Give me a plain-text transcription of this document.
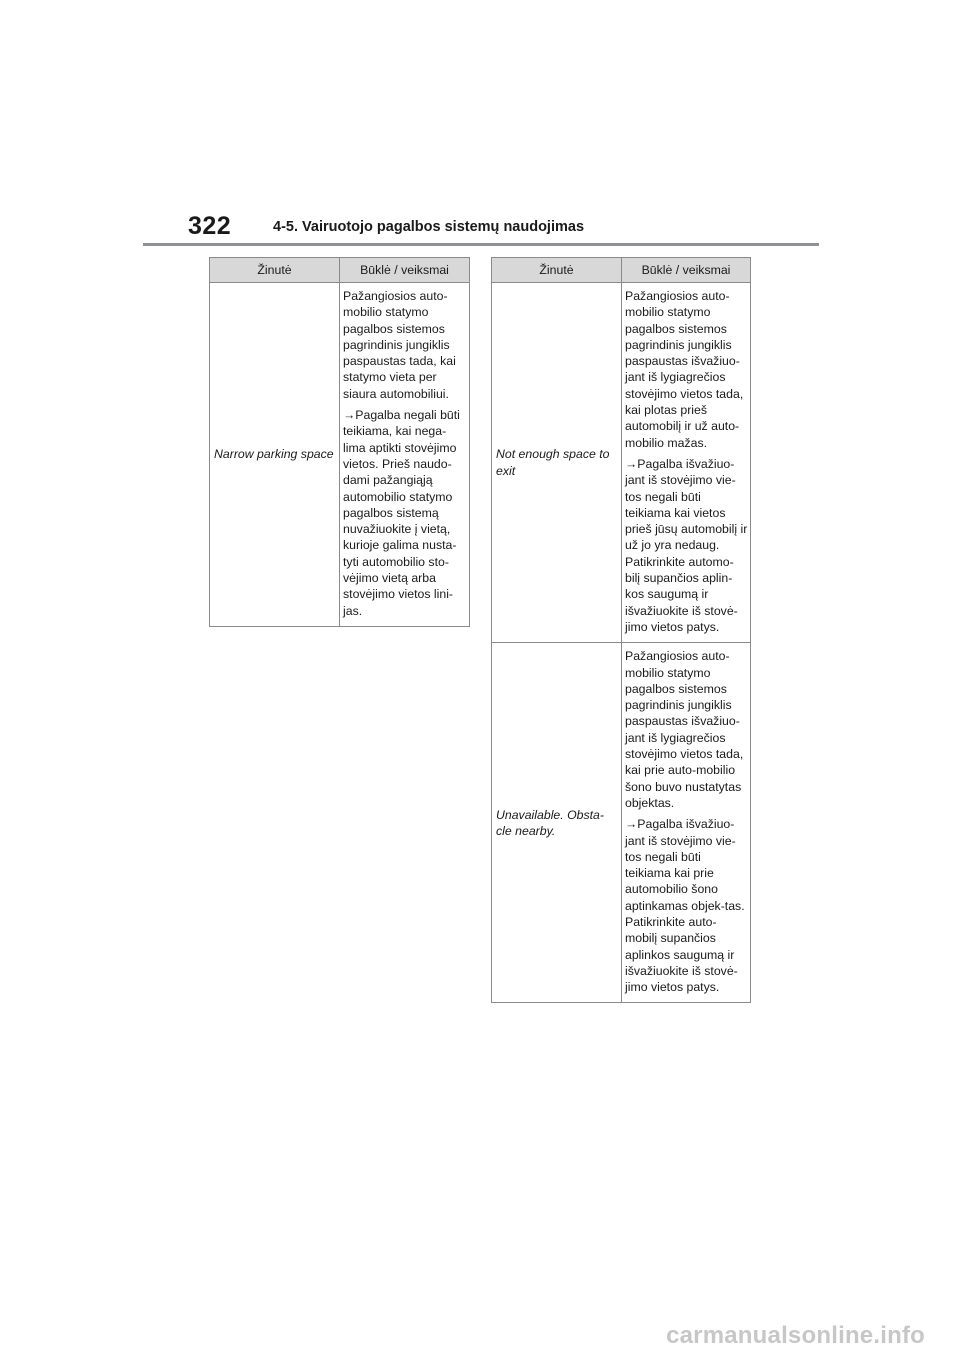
322	4-5. Vairuotojo pagalbos sistemų naudojimas
Žinutė	Būklė / veiksmai
Narrow parking space	Pažangiosios auto-mobilio statymo pagalbos sistemos pagrindinis jungiklis paspaustas tada, kai statymo vieta per siaura automobiliui.

→Pagalba negali būti teikiama, kai nega-lima aptikti stovėjimo vietos. Prieš naudo-dami pažangiąją automobilio statymo pagalbos sistemą nuvažiuokite į vietą, kurioje galima nusta-tyti automobilio sto-vėjimo vietą arba stovėjimo vietos lini-jas.

Žinutė	Būklė / veiksmai
Not enough space to exit	Pažangiosios auto-mobilio statymo pagalbos sistemos pagrindinis jungiklis paspaustas išvažiuo-jant iš lygiagrečios stovėjimo vietos tada, kai plotas prieš automobilį ir už auto-mobilio mažas.

→Pagalba išvažiuo-jant iš stovėjimo vie-tos negali būti teikiama kai vietos prieš jūsų automobilį ir už jo yra nedaug. Patikrinkite automo-bilį supančios aplin-kos saugumą ir išvažiuokite iš stovė-jimo vietos patys.

Unavailable. Obsta-cle nearby.	Pažangiosios auto-mobilio statymo pagalbos sistemos pagrindinis jungiklis paspaustas išvažiuo-jant iš lygiagrečios stovėjimo vietos tada, kai prie auto-mobilio šono buvo nustatytas objektas.

→Pagalba išvažiuo-jant iš stovėjimo vie-tos negali būti teikiama kai prie automobilio šono aptinkamas objek-tas. Patikrinkite auto-mobilį supančios aplinkos saugumą ir išvažiuokite iš stovė-jimo vietos patys.

carmanualsonline.info
